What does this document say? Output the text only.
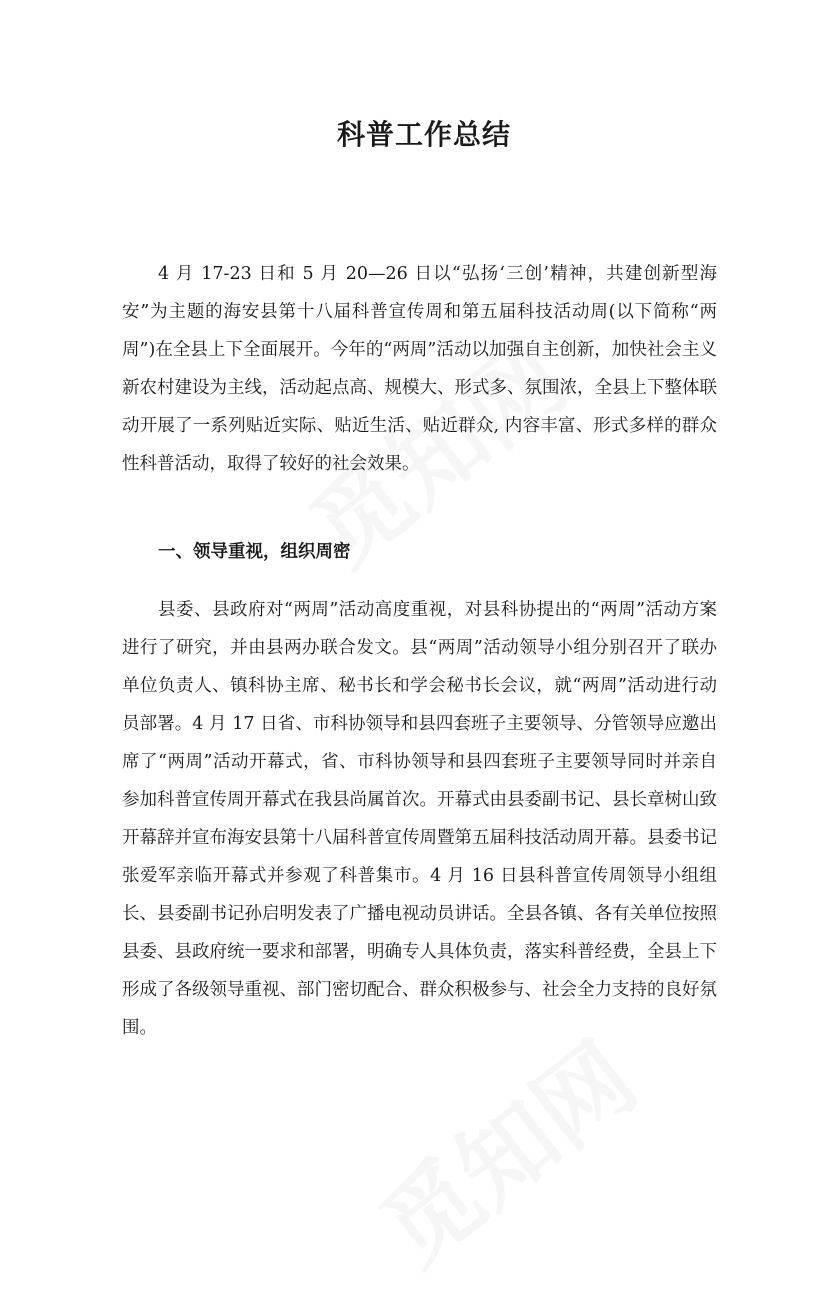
科普工作总结

4 月 17-23 日和 5 月 20—26 日以“弘扬‘三创’精神，共建创新型海安”为主题的海安县第十八届科普宣传周和第五届科技活动周(以下简称“两周”)在全县上下全面展开。今年的“两周”活动以加强自主创新，加快社会主义新农村建设为主线，活动起点高、规模大、形式多、氛围浓，全县上下整体联动开展了一系列贴近实际、贴近生活、贴近群众, 内容丰富、形式多样的群众性科普活动，取得了较好的社会效果。

一、领导重视，组织周密

县委、县政府对“两周”活动高度重视，对县科协提出的“两周”活动方案进行了研究，并由县两办联合发文。县“两周”活动领导小组分别召开了联办单位负责人、镇科协主席、秘书长和学会秘书长会议，就“两周”活动进行动员部署。4 月 17 日省、市科协领导和县四套班子主要领导、分管领导应邀出席了“两周”活动开幕式，省、市科协领导和县四套班子主要领导同时并亲自参加科普宣传周开幕式在我县尚属首次。开幕式由县委副书记、县长章树山致开幕辞并宣布海安县第十八届科普宣传周暨第五届科技活动周开幕。县委书记张爱军亲临开幕式并参观了科普集市。4 月 16 日县科普宣传周领导小组组长、县委副书记孙启明发表了广播电视动员讲话。全县各镇、各有关单位按照县委、县政府统一要求和部署，明确专人具体负责，落实科普经费，全县上下形成了各级领导重视、部门密切配合、群众积极参与、社会全力支持的良好氛围。
